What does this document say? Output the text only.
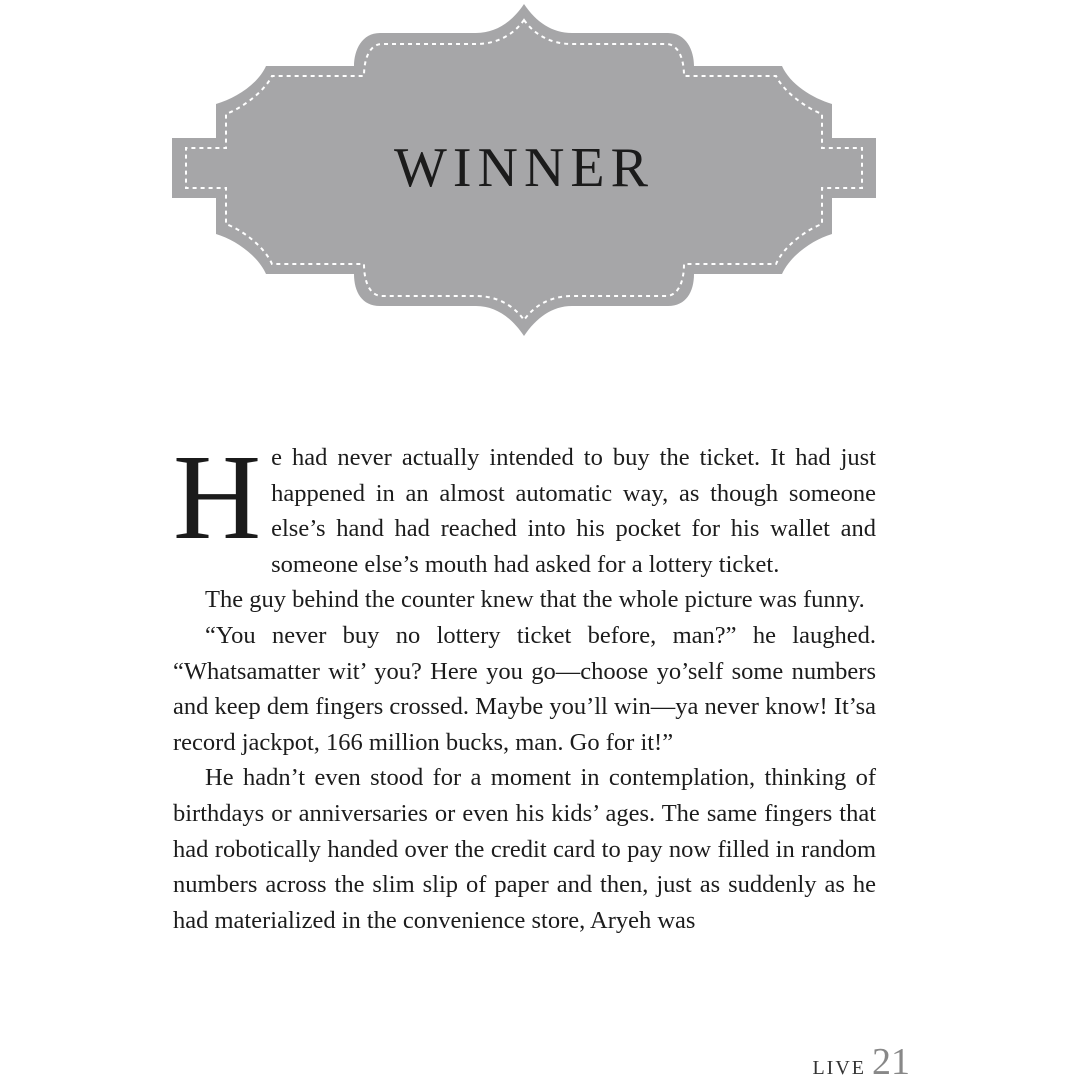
WINNER

He had never actually intended to buy the ticket. It had just happened in an almost automatic way, as though someone else’s hand had reached into his pocket for his wallet and someone else’s mouth had asked for a lottery ticket.

The guy behind the counter knew that the whole picture was funny.

“You never buy no lottery ticket before, man?” he laughed. “Whatsamatter wit’ you? Here you go—choose yo’self some numbers and keep dem fingers crossed. Maybe you’ll win—ya never know! It’sa record jackpot, 166 million bucks, man. Go for it!”

He hadn’t even stood for a moment in contemplation, thinking of birthdays or anniversaries or even his kids’ ages. The same fingers that had robotically handed over the credit card to pay now filled in random numbers across the slim slip of paper and then, just as suddenly as he had materialized in the convenience store, Aryeh was

LIVE 21
